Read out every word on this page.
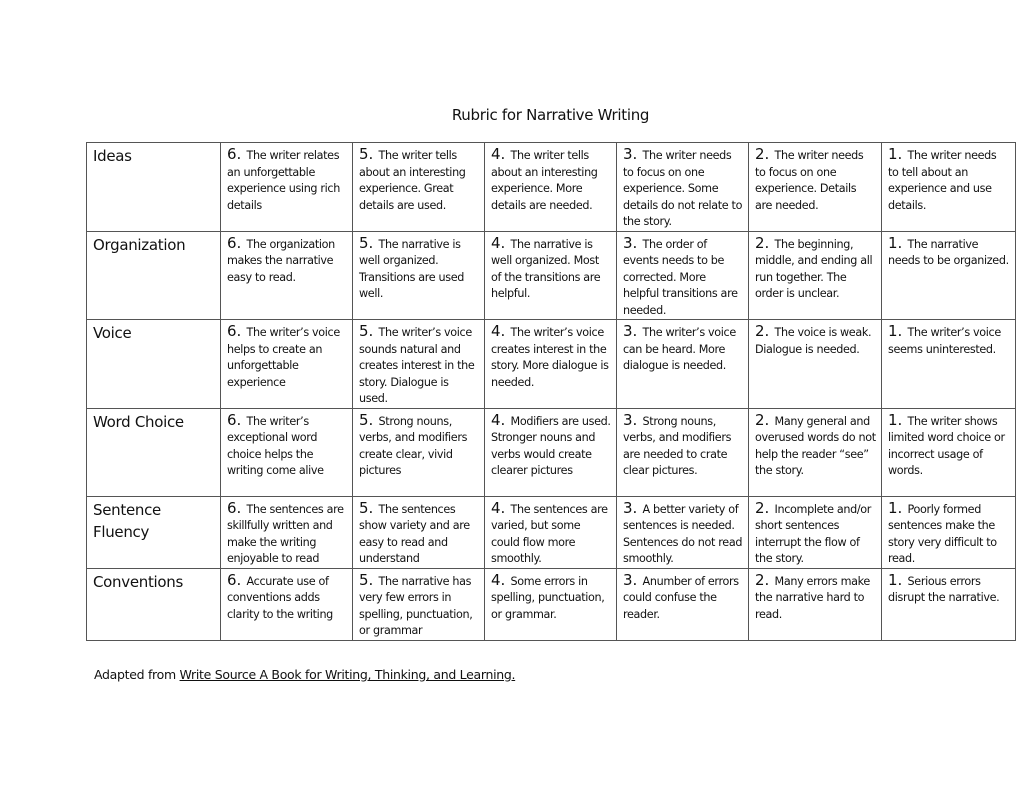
Rubric for Narrative Writing
Ideas	6. The writer relates an unforgettable experience using rich details	5. The writer tells about an interesting experience. Great details are used.	4. The writer tells about an interesting experience. More details are needed.	3. The writer needs to focus on one experience. Some details do not relate to the story.	2. The writer needs to focus on one experience. Details are needed.	1. The writer needs to tell about an experience and use details.
Organization	6. The organization makes the narrative easy to read.	5. The narrative is well organized. Transitions are used well.	4. The narrative is well organized. Most of the transitions are helpful.	3. The order of events needs to be corrected. More helpful transitions are needed.	2. The beginning, middle, and ending all run together. The order is unclear.	1. The narrative needs to be organized.
Voice	6. The writer’s voice helps to create an unforgettable experience	5. The writer’s voice sounds natural and creates interest in the story. Dialogue is used.	4. The writer’s voice creates interest in the story. More dialogue is needed.	3. The writer’s voice can be heard. More dialogue is needed.	2. The voice is weak. Dialogue is needed.	1. The writer’s voice seems uninterested.
Word Choice	6. The writer’s exceptional word choice helps the writing come alive	5. Strong nouns, verbs, and modifiers create clear, vivid pictures	4. Modifiers are used. Stronger nouns and verbs would create clearer pictures	3. Strong nouns, verbs, and modifiers are needed to crate clear pictures.	2. Many general and overused words do not help the reader “see” the story.	1. The writer shows limited word choice or incorrect usage of words.
Sentence Fluency	6. The sentences are skillfully written and make the writing enjoyable to read	5. The sentences show variety and are easy to read and understand	4. The sentences are varied, but some could flow more smoothly.	3. A better variety of sentences is needed. Sentences do not read smoothly.	2. Incomplete and/or short sentences interrupt the flow of the story.	1. Poorly formed sentences make the story very difficult to read.
Conventions	6. Accurate use of conventions adds clarity to the writing	5. The narrative has very few errors in spelling, punctuation, or grammar	4. Some errors in spelling, punctuation, or grammar.	3. Anumber of errors could confuse the reader.	2. Many errors make the narrative hard to read.	1. Serious errors disrupt the narrative.
Adapted from Write Source A Book for Writing, Thinking, and Learning.
